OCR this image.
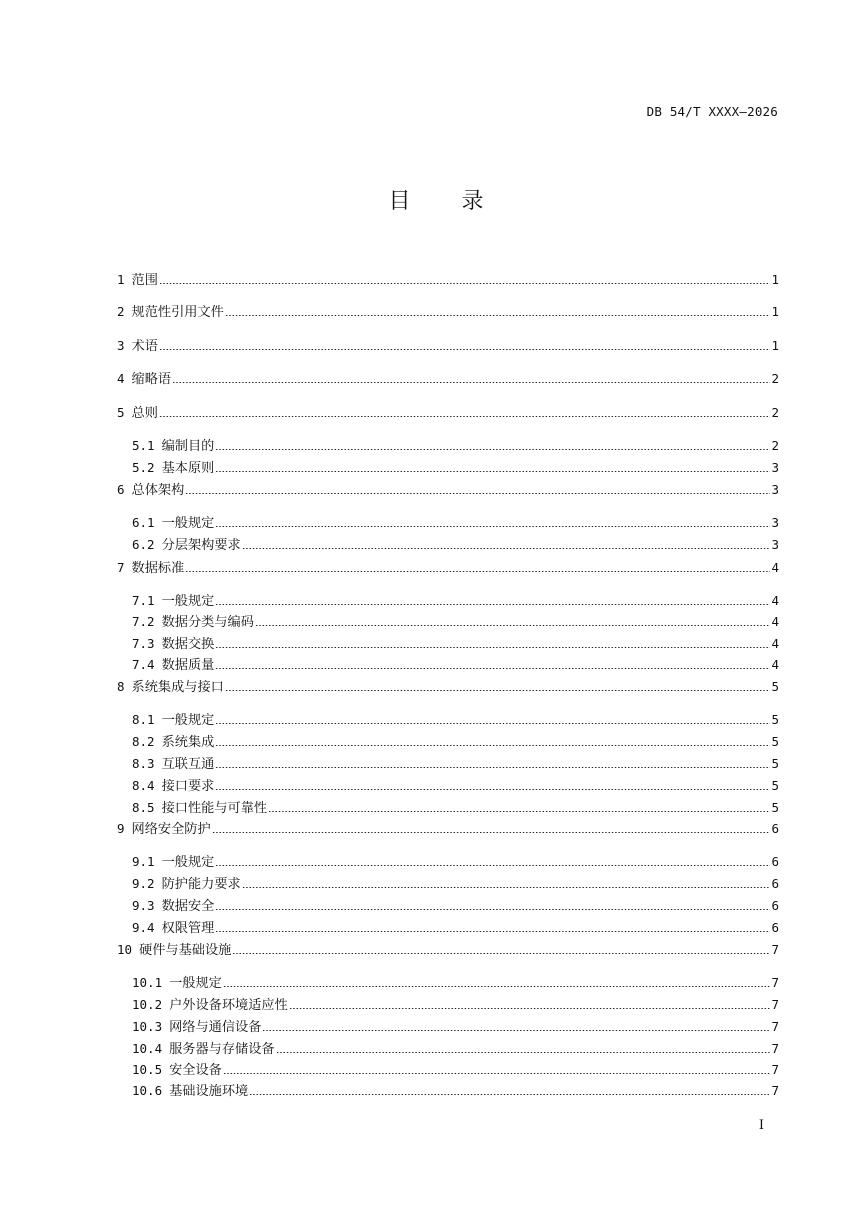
DB 54/T XXXX—2026
目 录
1 范围	1
2 规范性引用文件	1
3 术语	1
4 缩略语	2
5 总则	2
5.1 编制目的	2
5.2 基本原则	3
6 总体架构	3
6.1 一般规定	3
6.2 分层架构要求	3
7 数据标准	4
7.1 一般规定	4
7.2 数据分类与编码	4
7.3 数据交换	4
7.4 数据质量	4
8 系统集成与接口	5
8.1 一般规定	5
8.2 系统集成	5
8.3 互联互通	5
8.4 接口要求	5
8.5 接口性能与可靠性	5
9 网络安全防护	6
9.1 一般规定	6
9.2 防护能力要求	6
9.3 数据安全	6
9.4 权限管理	6
10 硬件与基础设施	7
10.1 一般规定	7
10.2 户外设备环境适应性	7
10.3 网络与通信设备	7
10.4 服务器与存储设备	7
10.5 安全设备	7
10.6 基础设施环境	7
I
